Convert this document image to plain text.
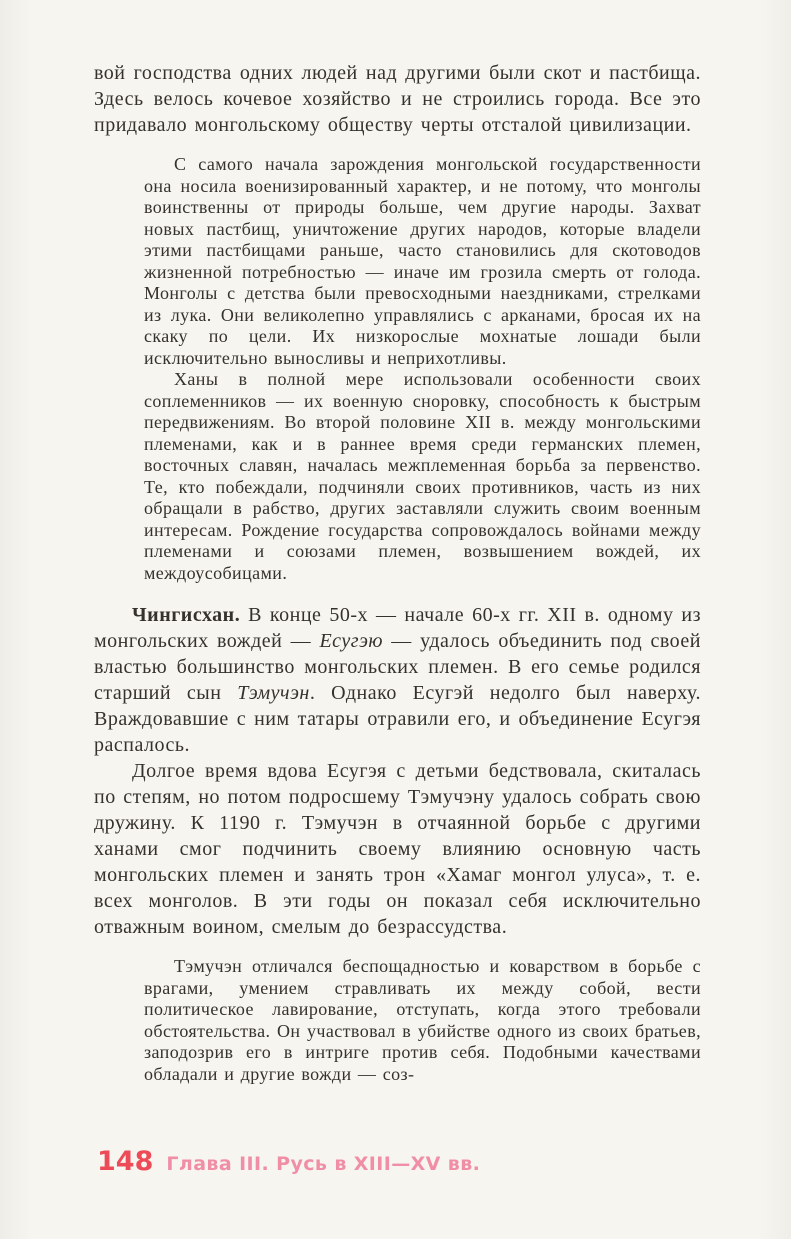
вой господства одних людей над другими были скот и пастбища. Здесь велось кочевое хозяйство и не строились города. Все это придавало монгольскому обществу черты отсталой цивилизации.

С самого начала зарождения монгольской государственности она носила военизированный характер, и не потому, что монголы воинственны от природы больше, чем другие народы. Захват новых пастбищ, уничтожение других народов, которые владели этими пастбищами раньше, часто становились для скотоводов жизненной потребностью — иначе им грозила смерть от голода. Монголы с детства были превосходными наездниками, стрелками из лука. Они великолепно управлялись с арканами, бросая их на скаку по цели. Их низкорослые мохнатые лошади были исключительно выносливы и неприхотливы.

Ханы в полной мере использовали особенности своих соплеменников — их военную сноровку, способность к быстрым передвижениям. Во второй половине XII в. между монгольскими племенами, как и в раннее время среди германских племен, восточных славян, началась межплеменная борьба за первенство. Те, кто побеждали, подчиняли своих противников, часть из них обращали в рабство, других заставляли служить своим военным интересам. Рождение государства сопровождалось войнами между племенами и союзами племен, возвышением вождей, их междоусобицами.

Чингисхан. В конце 50-х — начале 60-х гг. XII в. одному из монгольских вождей — Есугэю — удалось объединить под своей властью большинство монгольских племен. В его семье родился старший сын Тэмучэн. Однако Есугэй недолго был наверху. Враждовавшие с ним татары отравили его, и объединение Есугэя распалось.

Долгое время вдова Есугэя с детьми бедствовала, скиталась по степям, но потом подросшему Тэмучэну удалось собрать свою дружину. К 1190 г. Тэмучэн в отчаянной борьбе с другими ханами смог подчинить своему влиянию основную часть монгольских племен и занять трон «Хамаг монгол улуса», т. е. всех монголов. В эти годы он показал себя исключительно отважным воином, смелым до безрассудства.

Тэмучэн отличался беспощадностью и коварством в борьбе с врагами, умением стравливать их между собой, вести политическое лавирование, отступать, когда этого требовали обстоятельства. Он участвовал в убийстве одного из своих братьев, заподозрив его в интриге против себя. Подобными качествами обладали и другие вожди — соз-

148 Глава III. Русь в XIII—XV вв.
